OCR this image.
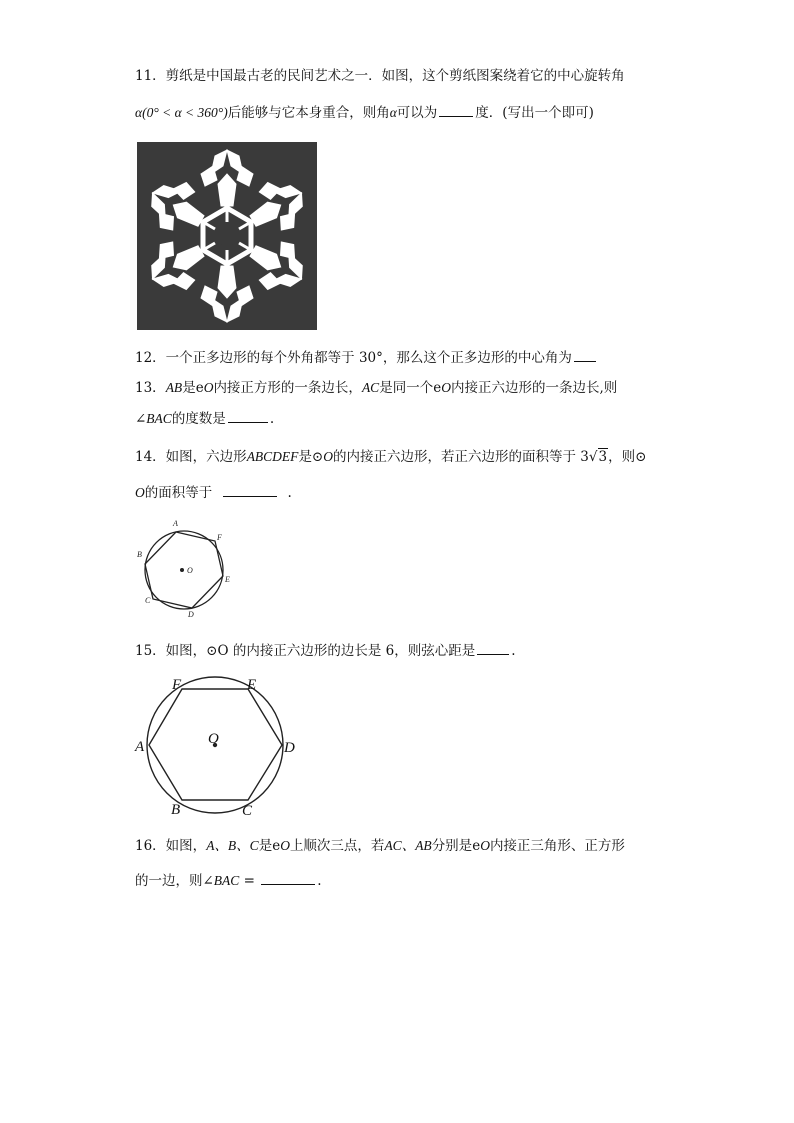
11．剪纸是中国最古老的民间艺术之一．如图，这个剪纸图案绕着它的中心旋转角
α(0° < α < 360°)后能够与它本身重合，则角α可以为	度．(写出一个即可)
12．一个正多边形的每个外角都等于 30°，那么这个正多边形的中心角为
13．AB是eO内接正方形的一条边长，AC是同一个eO内接正六边形的一条边长,则
∠BAC的度数是	.
14．如图，六边形ABCDEF是⊙O的内接正六边形，若正六边形的面积等于 3√3，则⊙
O的面积等于	.
A
F
B
E
C
D
O
15．如图，⊙O 的内接正六边形的边长是 6，则弦心距是	.
F	E
A	D
B	C
O
16．如图，A、B、C是eO上顺次三点，若AC、AB分别是eO内接正三角形、正方形
的一边，则∠BAC =	.
